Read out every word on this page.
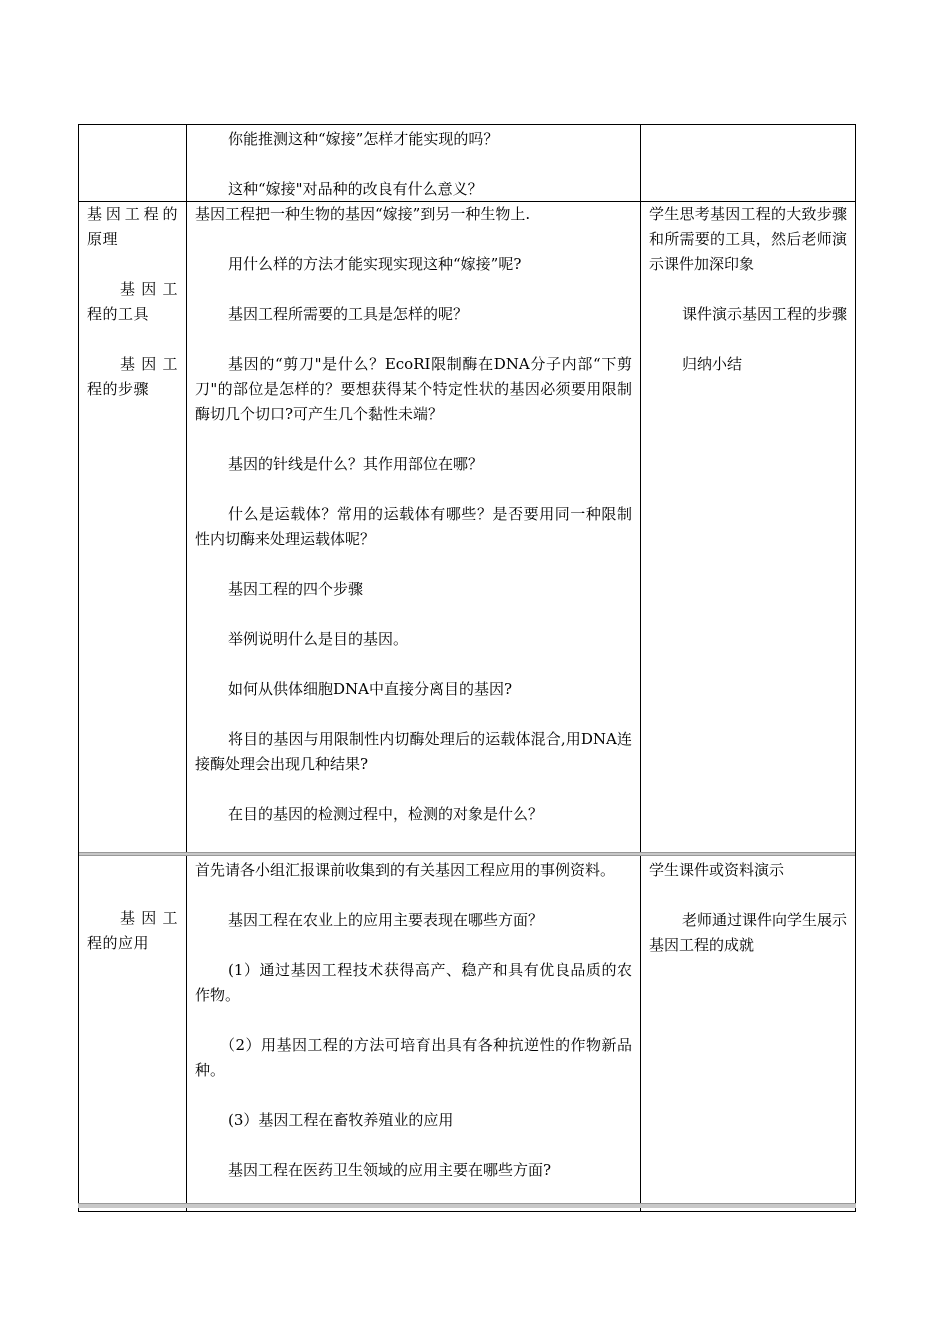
你能推测这种“嫁接”怎样才能实现的吗？

这种“嫁接"对品种的改良有什么意义？

基因工程的原理

基因工程的工具

基因工程的步骤

基因工程把一种生物的基因“嫁接”到另一种生物上.

用什么样的方法才能实现实现这种“嫁接”呢?

基因工程所需要的工具是怎样的呢？

基因的“剪刀"是什么？EcoRI限制酶在DNA分子内部“下剪刀"的部位是怎样的？要想获得某个特定性状的基因必须要用限制酶切几个切口?可产生几个黏性未端？

基因的针线是什么？其作用部位在哪？

什么是运载体？常用的运载体有哪些？是否要用同一种限制性内切酶来处理运载体呢？

基因工程的四个步骤

举例说明什么是目的基因。

如何从供体细胞DNA中直接分离目的基因?

将目的基因与用限制性内切酶处理后的运载体混合,用DNA连接酶处理会出现几种结果?

在目的基因的检测过程中，检测的对象是什么？

学生思考基因工程的大致步骤和所需要的工具，然后老师演示课件加深印象

课件演示基因工程的步骤

归纳小结

基因工程的应用

首先请各小组汇报课前收集到的有关基因工程应用的事例资料。

基因工程在农业上的应用主要表现在哪些方面？

(1）通过基因工程技术获得高产、稳产和具有优良品质的农作物。

（2）用基因工程的方法可培育出具有各种抗逆性的作物新品种。

(3）基因工程在畜牧养殖业的应用

基因工程在医药卫生领域的应用主要在哪些方面?

学生课件或资料演示

老师通过课件向学生展示基因工程的成就
